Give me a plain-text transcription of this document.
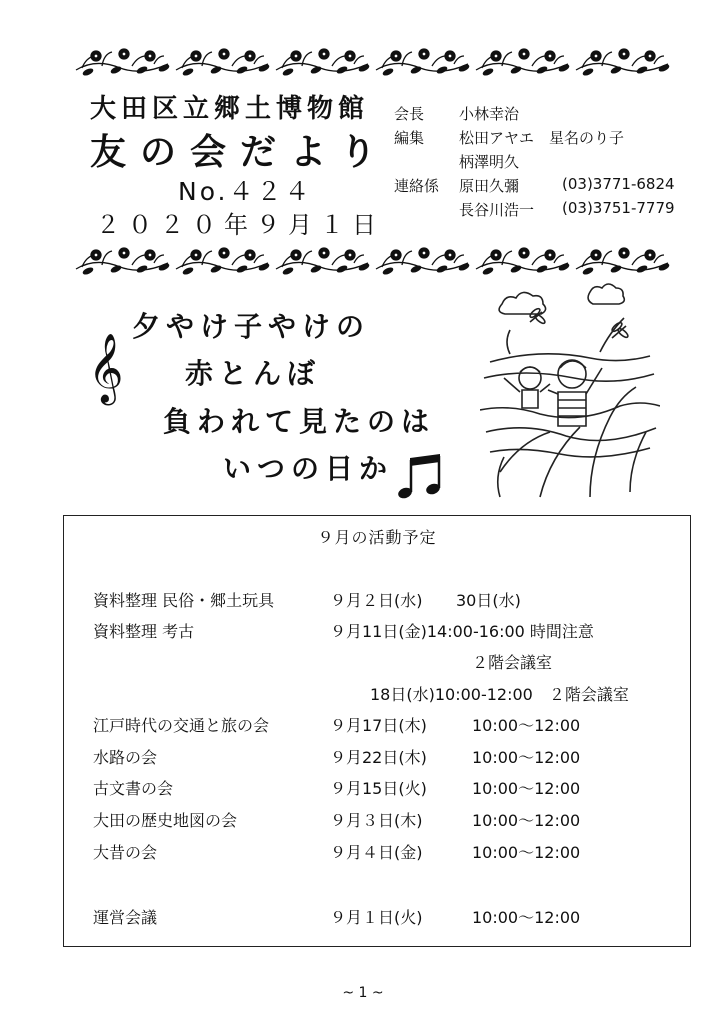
大田区立郷土博物館
友の会だより
No.４２４
２０２０年９月１日
会長 小林幸治
編集 松田アヤエ　星名のり子
柄澤明久
連絡係 原田久彌	(03)3771-6824
長谷川浩一 (03)3751-7779
夕やけ子やけの
赤とんぼ
負われて見たのは
いつの日か
𝄞
９月の活動予定
資料整理 民俗・郷土玩具	９月２日(水) 30日(水)
資料整理 考古	９月11日(金)14:00-16:00 時間注意
２階会議室
18日(水)10:00-12:00　２階会議室
江戸時代の交通と旅の会	９月17日(木)	10:00～12:00
水路の会	９月22日(木)	10:00～12:00
古文書の会	９月15日(火)	10:00～12:00
大田の歴史地図の会	９月３日(木)	10:00～12:00
大昔の会	９月４日(金)	10:00～12:00
運営会議	９月１日(火)	10:00～12:00
~ 1 ~
